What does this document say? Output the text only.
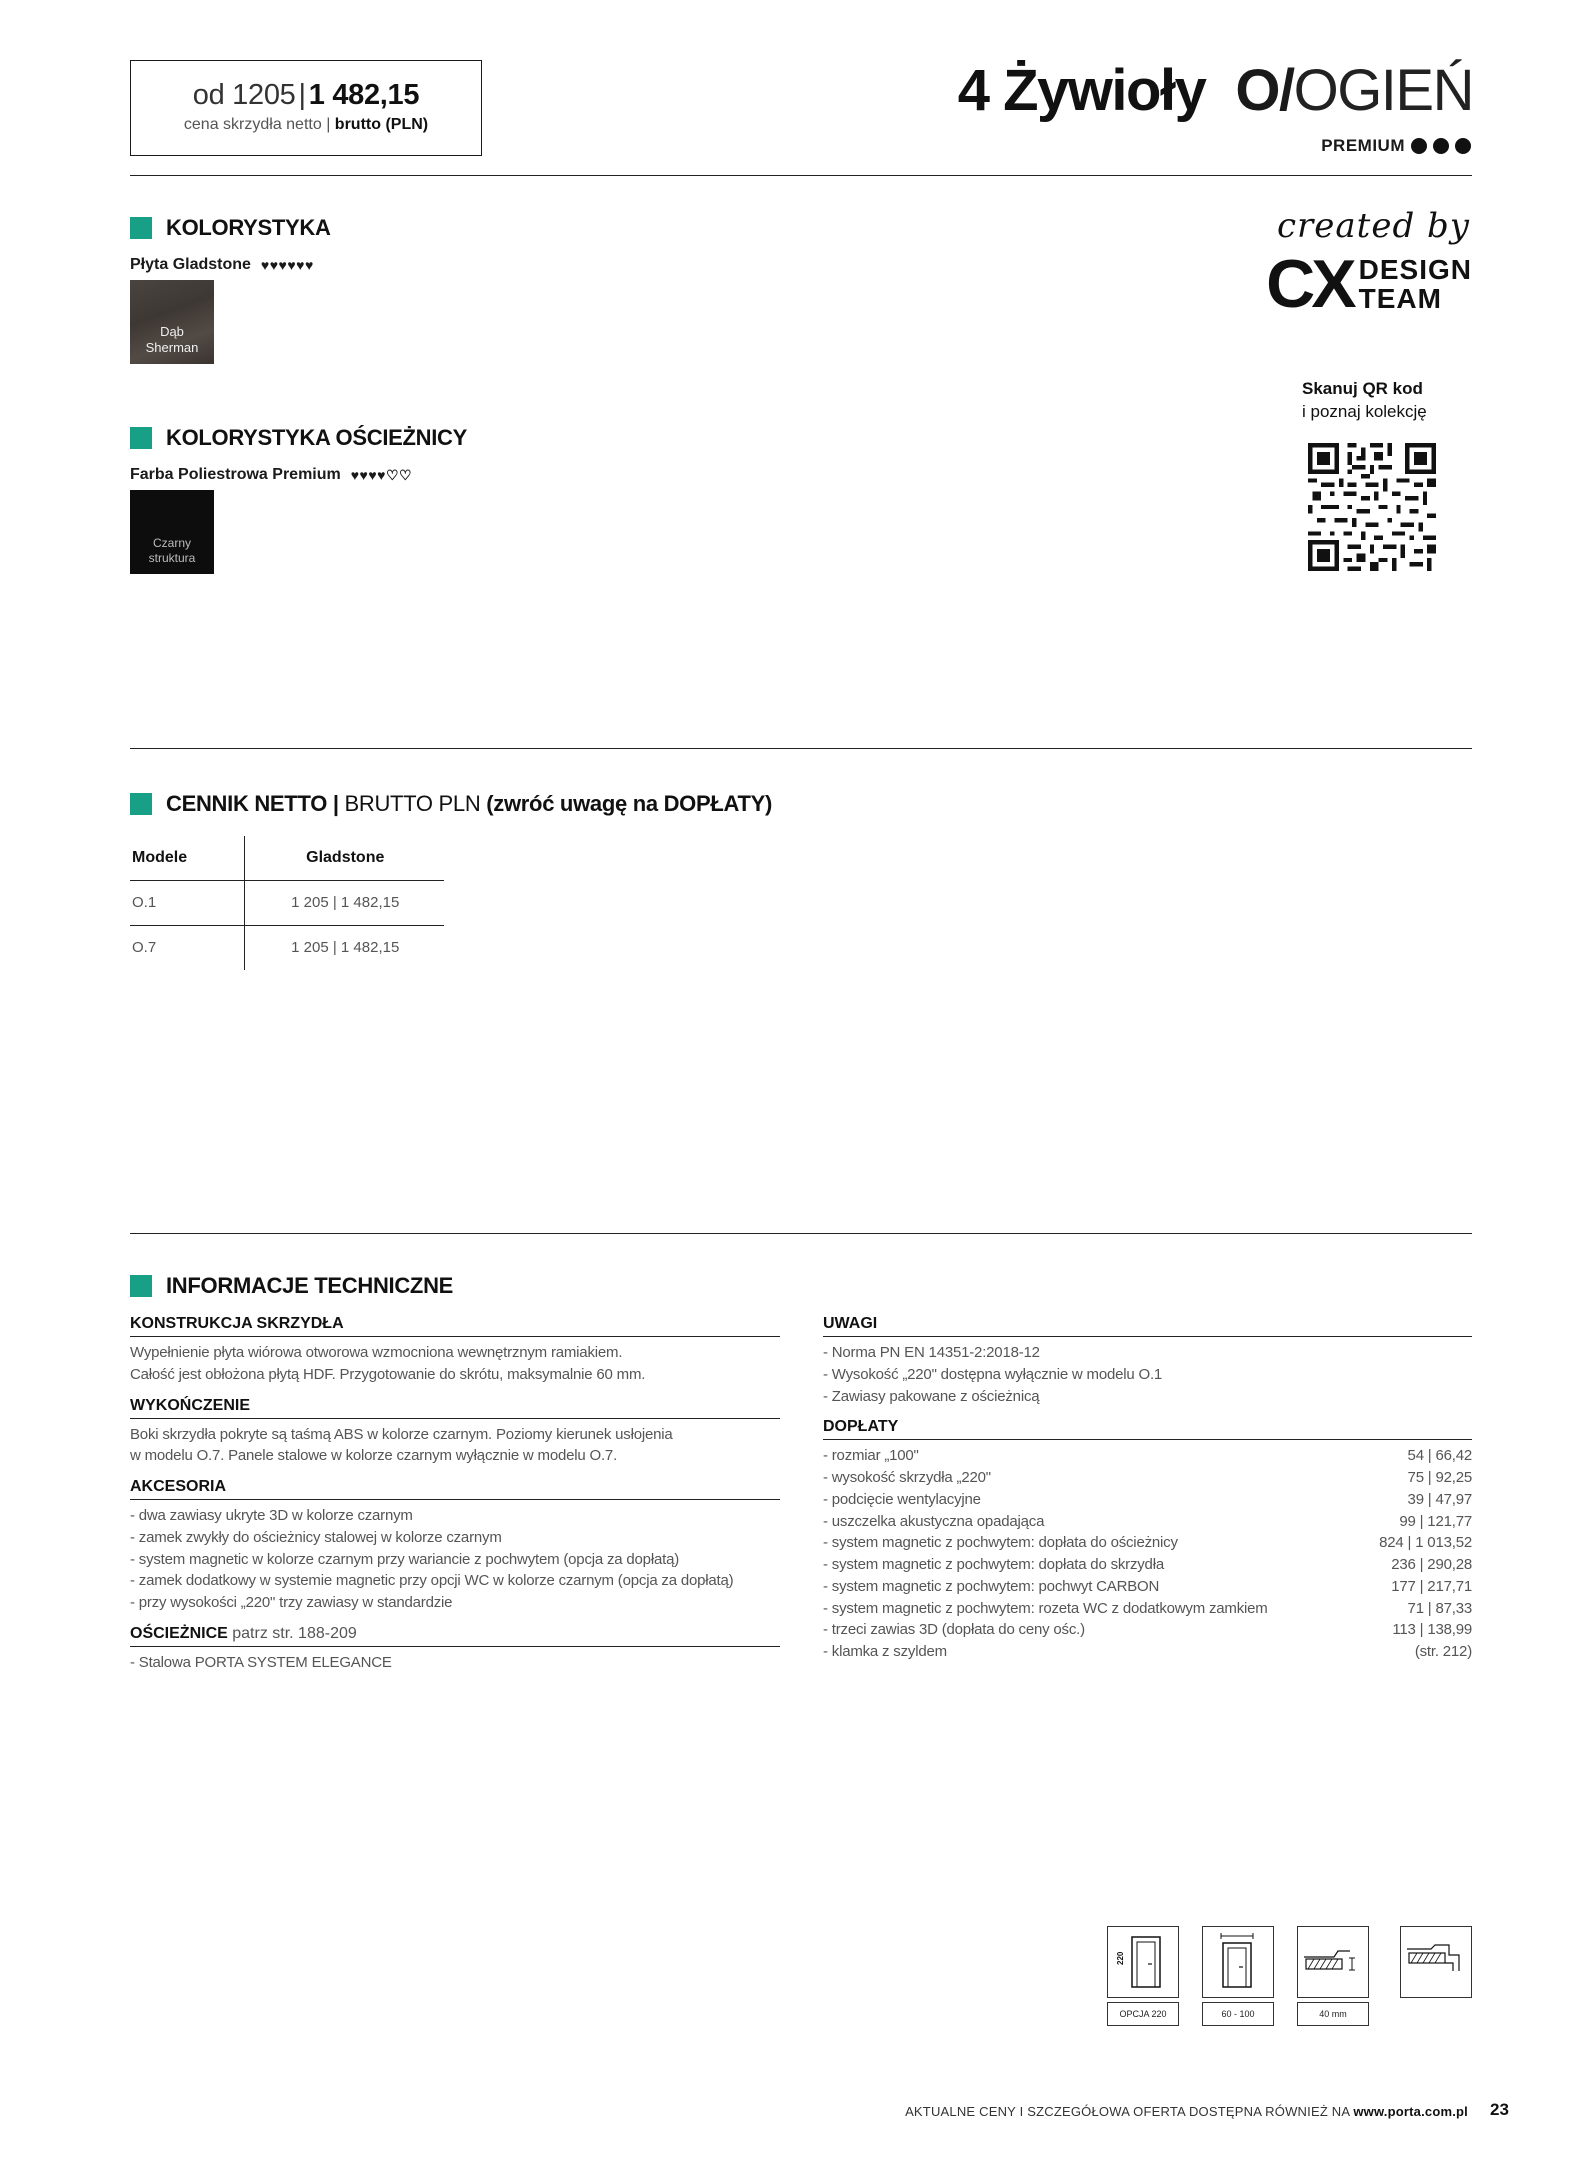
od 1205 | 1 482,15
cena skrzydła netto | brutto (PLN)
4 Żywioły O/OGIEŃ
PREMIUM
KOLORYSTYKA
Płyta Gladstone ♥♥♥♥♥♥
Dąb
Sherman
KOLORYSTYKA OŚCIEŻNICY
Farba Poliestrowa Premium ♥♥♥♥♡♡
Czarny
struktura
created by
CX DESIGN
TEAM
Skanuj QR kod
i poznaj kolekcję
CENNIK NETTO | BRUTTO PLN (zwróć uwagę na DOPŁATY)
Modele	Gladstone
O.1	1 205 | 1 482,15
O.7	1 205 | 1 482,15
INFORMACJE TECHNICZNE
KONSTRUKCJA SKRZYDŁA
Wypełnienie płyta wiórowa otworowa wzmocniona wewnętrznym ramiakiem.
Całość jest obłożona płytą HDF. Przygotowanie do skrótu, maksymalnie 60 mm.
WYKOŃCZENIE
Boki skrzydła pokryte są taśmą ABS w kolorze czarnym. Poziomy kierunek usłojenia
w modelu O.7. Panele stalowe w kolorze czarnym wyłącznie w modelu O.7.
AKCESORIA
- dwa zawiasy ukryte 3D w kolorze czarnym
- zamek zwykły do ościeżnicy stalowej w kolorze czarnym
- system magnetic w kolorze czarnym przy wariancie z pochwytem (opcja za dopłatą)
- zamek dodatkowy w systemie magnetic przy opcji WC w kolorze czarnym (opcja za dopłatą)
- przy wysokości „220" trzy zawiasy w standardzie
OŚCIEŻNICE patrz str. 188-209
- Stalowa PORTA SYSTEM ELEGANCE
UWAGI
- Norma PN EN 14351-2:2018-12
- Wysokość „220" dostępna wyłącznie w modelu O.1
- Zawiasy pakowane z ościeżnicą
DOPŁATY
- rozmiar „100"	54 | 66,42
- wysokość skrzydła „220"	75 | 92,25
- podcięcie wentylacyjne	39 | 47,97
- uszczelka akustyczna opadająca	99 | 121,77
- system magnetic z pochwytem: dopłata do ościeżnicy	824 | 1 013,52
- system magnetic z pochwytem: dopłata do skrzydła	236 | 290,28
- system magnetic z pochwytem: pochwyt CARBON	177 | 217,71
- system magnetic z pochwytem: rozeta WC z dodatkowym zamkiem	71 | 87,33
- trzeci zawias 3D (dopłata do ceny ośc.)	113 | 138,99
- klamka z szyldem	(str. 212)
220
OPCJA 220	60 - 100	40 mm
AKTUALNE CENY I SZCZEGÓŁOWA OFERTA DOSTĘPNA RÓWNIEŻ NA www.porta.com.pl 23
